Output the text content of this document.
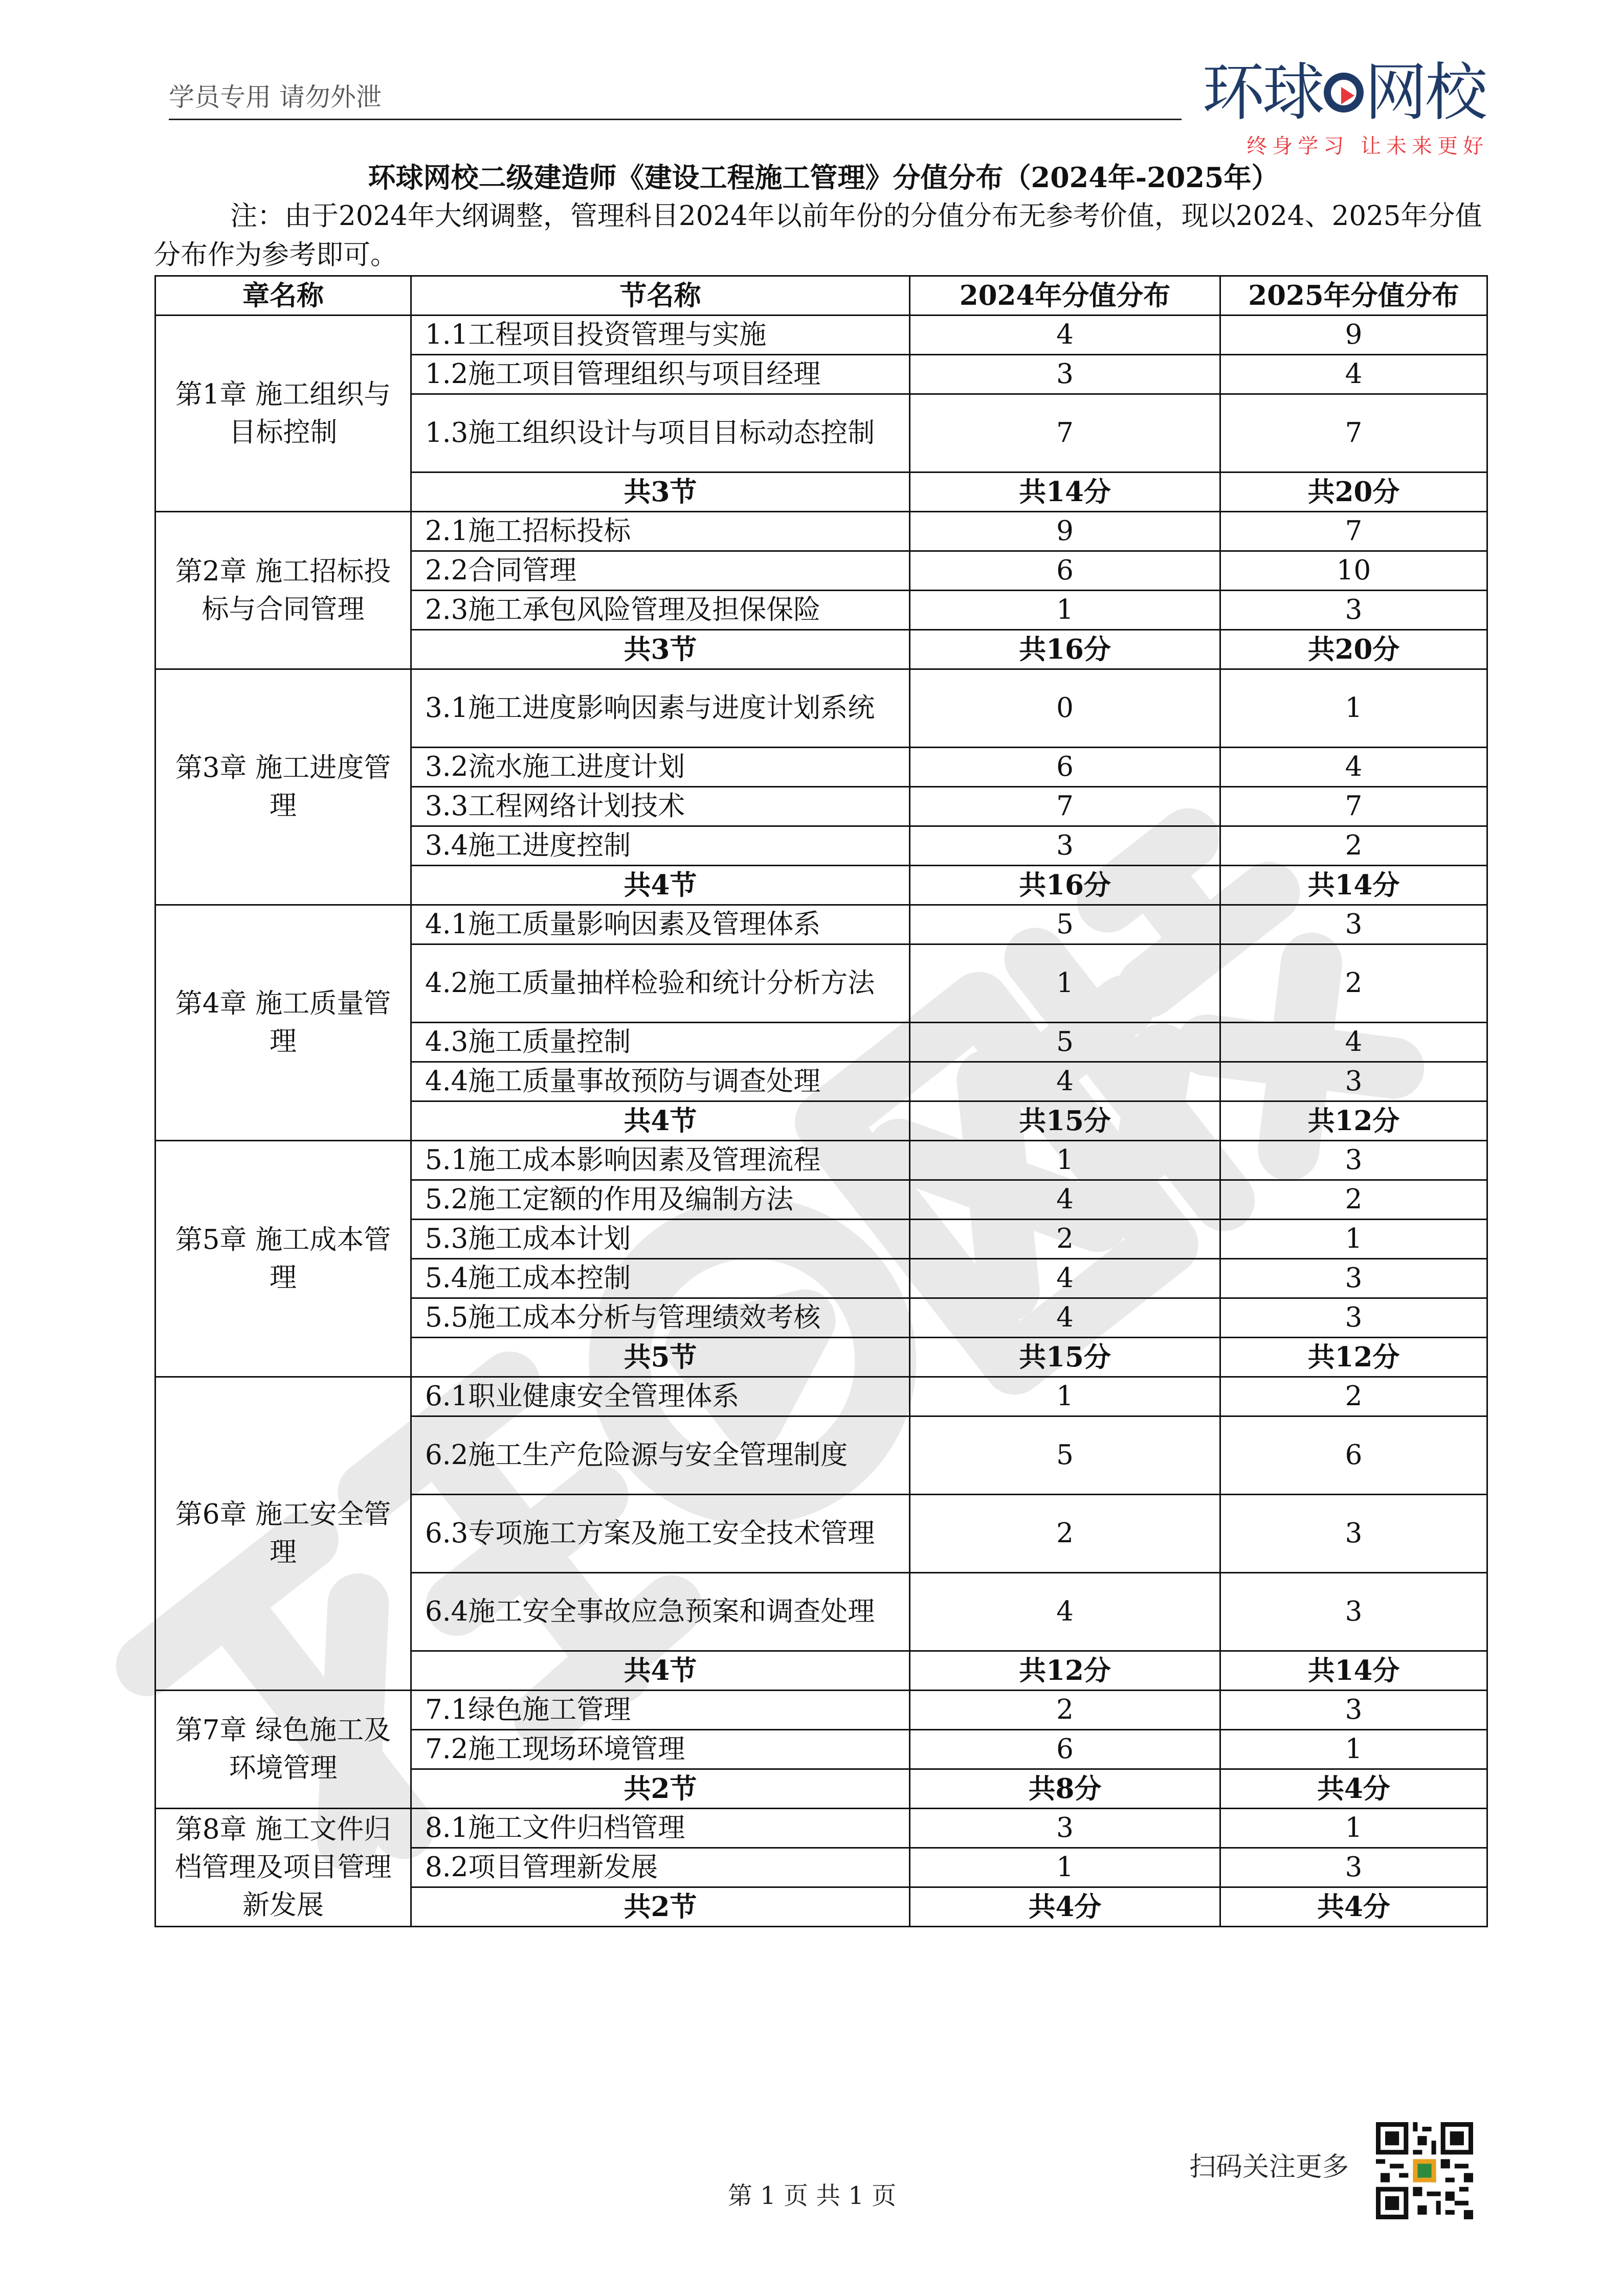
学员专用 请勿外泄	环球 网校
终身学习 让未来更好
环球网校二级建造师《建设工程施工管理》分值分布（2024年-2025年）
注：由于2024年大纲调整，管理科目2024年以前年份的分值分布无参考价值，现以2024、2025年分值分布作为参考即可。
章名称	节名称	2024年分值分布	2025年分值分布
第1章 施工组织与目标控制	1.1工程项目投资管理与实施	4	9
	1.2施工项目管理组织与项目经理	3	4
	1.3施工组织设计与项目目标动态控制	7	7
	共3节	共14分	共20分
第2章 施工招标投标与合同管理	2.1施工招标投标	9	7
	2.2合同管理	6	10
	2.3施工承包风险管理及担保保险	1	3
	共3节	共16分	共20分
第3章 施工进度管理	3.1施工进度影响因素与进度计划系统	0	1
	3.2流水施工进度计划	6	4
	3.3工程网络计划技术	7	7
	3.4施工进度控制	3	2
	共4节	共16分	共14分
第4章 施工质量管理	4.1施工质量影响因素及管理体系	5	3
	4.2施工质量抽样检验和统计分析方法	1	2
	4.3施工质量控制	5	4
	4.4施工质量事故预防与调查处理	4	3
	共4节	共15分	共12分
第5章 施工成本管理	5.1施工成本影响因素及管理流程	1	3
	5.2施工定额的作用及编制方法	4	2
	5.3施工成本计划	2	1
	5.4施工成本控制	4	3
	5.5施工成本分析与管理绩效考核	4	3
	共5节	共15分	共12分
第6章 施工安全管理	6.1职业健康安全管理体系	1	2
	6.2施工生产危险源与安全管理制度	5	6
	6.3专项施工方案及施工安全技术管理	2	3
	6.4施工安全事故应急预案和调查处理	4	3
	共4节	共12分	共14分
第7章 绿色施工及环境管理	7.1绿色施工管理	2	3
	7.2施工现场环境管理	6	1
	共2节	共8分	共4分
第8章 施工文件归档管理及项目管理新发展	8.1施工文件归档管理	3	1
	8.2项目管理新发展	1	3
	共2节	共4分	共4分
扫码关注更多
第 1 页 共 1 页
